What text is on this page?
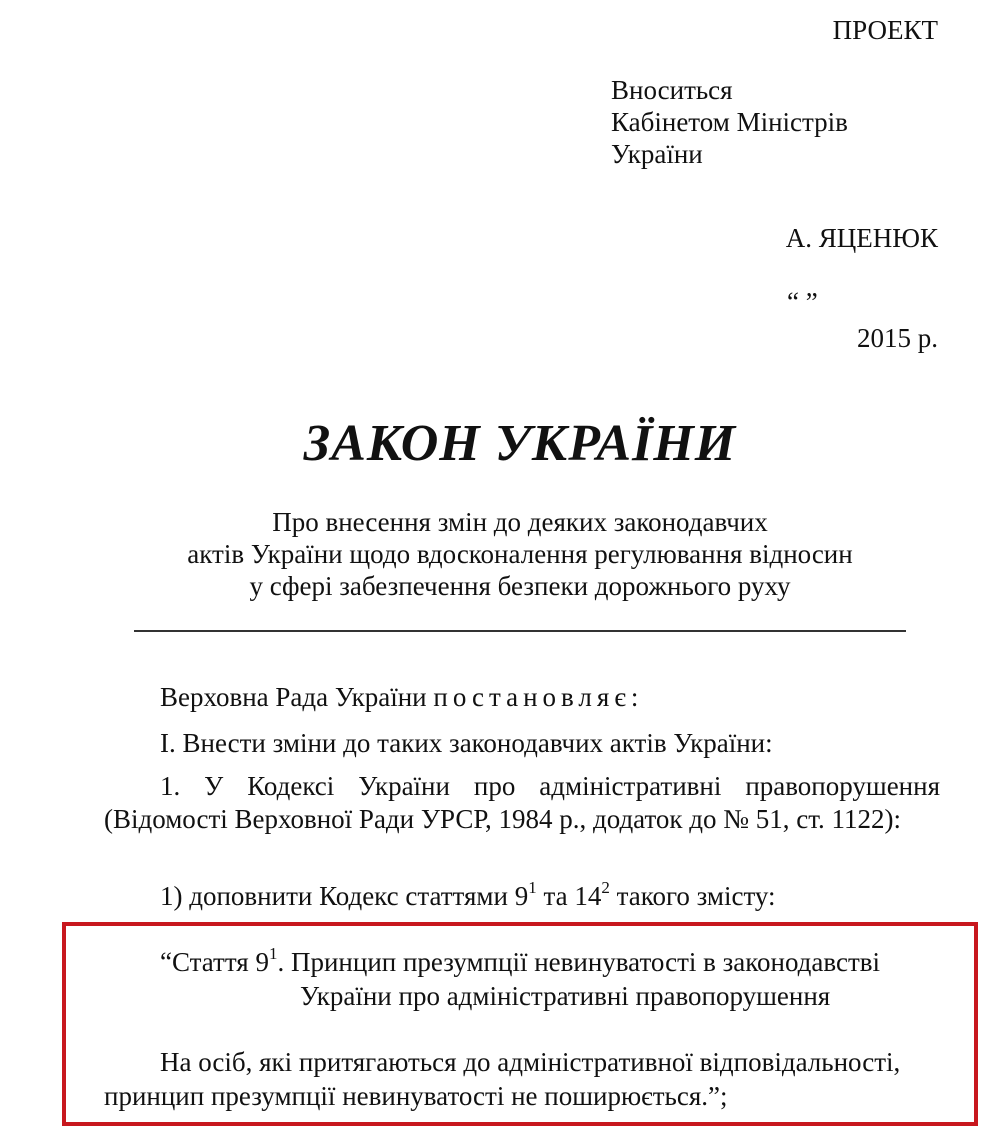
ПРОЕКТ
Вноситься
Кабінетом Міністрів
України
А. ЯЦЕНЮК
“ ”
2015 р.
ЗАКОН УКРАЇНИ
Про внесення змін до деяких законодавчих
актів України щодо вдосконалення регулювання відносин
у сфері забезпечення безпеки дорожнього руху
Верховна Рада України постановляє:
І. Внести зміни до таких законодавчих актів України:
1. У Кодексі України про адміністративні правопорушення (Відомості Верховної Ради УРСР, 1984 р., додаток до № 51, ст. 1122):
1) доповнити Кодекс статтями $9^1$ та $14^2$ такого змісту:
“Стаття $9^1$. Принцип презумпції невинуватості в законодавстві
України про адміністративні правопорушення
На осіб, які притягаються до адміністративної відповідальності,
принцип презумпції невинуватості не поширюється.”;
